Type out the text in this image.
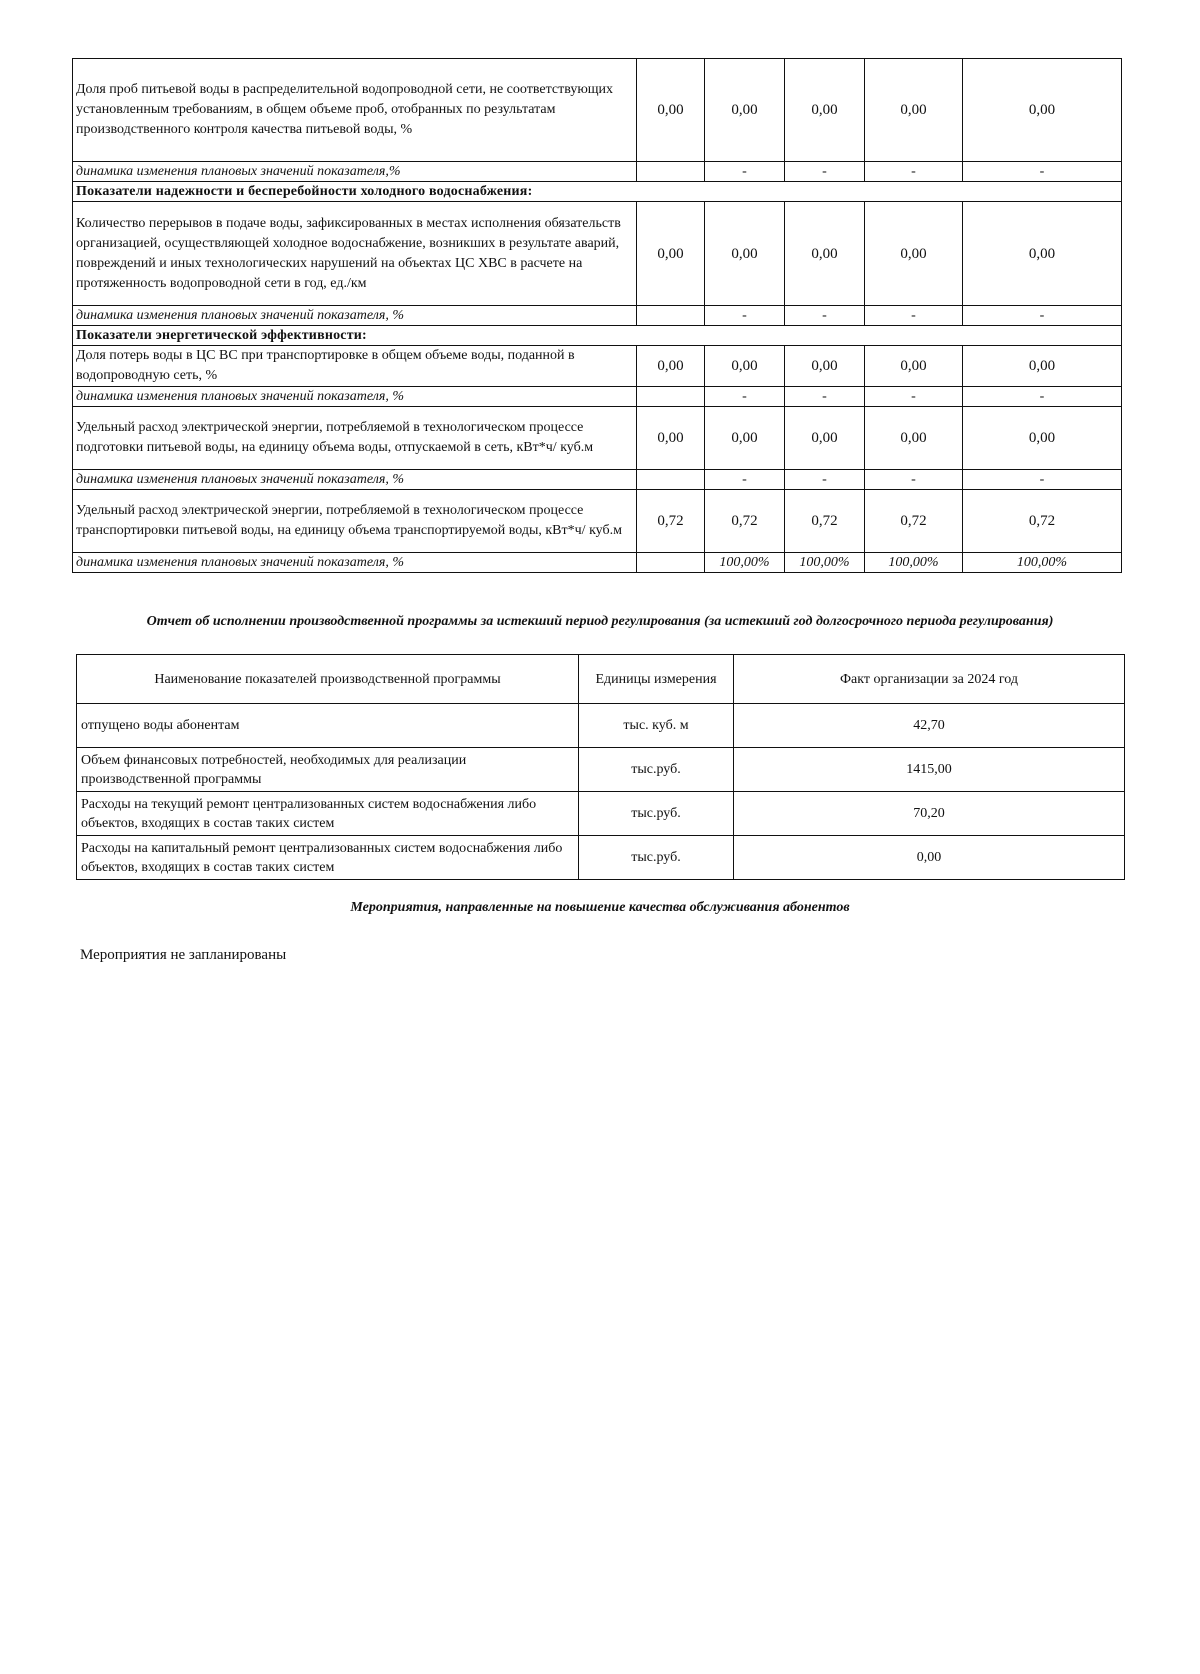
Доля проб питьевой воды в распределительной водопроводной сети, не соответствующих установленным требованиям, в общем объеме проб, отобранных по результатам производственного контроля качества питьевой воды, %	0,00	0,00	0,00	0,00	0,00
динамика изменения плановых значений показателя,%		-	-	-	-
Показатели надежности и бесперебойности холодного водоснабжения:					
Количество перерывов в подаче воды, зафиксированных в местах исполнения обязательств организацией, осуществляющей холодное водоснабжение, возникших в результате аварий, повреждений и иных технологических нарушений на объектах ЦС ХВС в расчете на протяженность водопроводной сети в год, ед./км	0,00	0,00	0,00	0,00	0,00
динамика изменения плановых значений показателя, %		-	-	-	-
Показатели энергетической эффективности:					
Доля потерь воды в ЦС ВС при транспортировке в общем объеме воды, поданной в водопроводную сеть, %	0,00	0,00	0,00	0,00	0,00
динамика изменения плановых значений показателя, %		-	-	-	-
Удельный расход электрической энергии, потребляемой в технологическом процессе подготовки питьевой воды, на единицу объема воды, отпускаемой в сеть, кВт*ч/ куб.м	0,00	0,00	0,00	0,00	0,00
динамика изменения плановых значений показателя, %		-	-	-	-
Удельный расход электрической энергии, потребляемой в технологическом процессе транспортировки питьевой воды, на единицу объема транспортируемой воды, кВт*ч/ куб.м	0,72	0,72	0,72	0,72	0,72
динамика изменения плановых значений показателя, %		100,00%	100,00%	100,00%	100,00%
Отчет об исполнении производственной программы за истекший период регулирования (за истекший год долгосрочного периода регулирования)
Наименование показателей производственной программы	Единицы измерения	Факт организации за 2024 год
отпущено воды абонентам	тыс. куб. м	42,70
Объем финансовых потребностей, необходимых для реализации производственной программы	тыс.руб.	1415,00
Расходы на текущий ремонт централизованных систем водоснабжения либо объектов, входящих в состав таких систем	тыс.руб.	70,20
Расходы на капитальный ремонт централизованных систем водоснабжения либо объектов, входящих в состав таких систем	тыс.руб.	0,00
Мероприятия, направленные на повышение качества обслуживания абонентов
Мероприятия не запланированы
